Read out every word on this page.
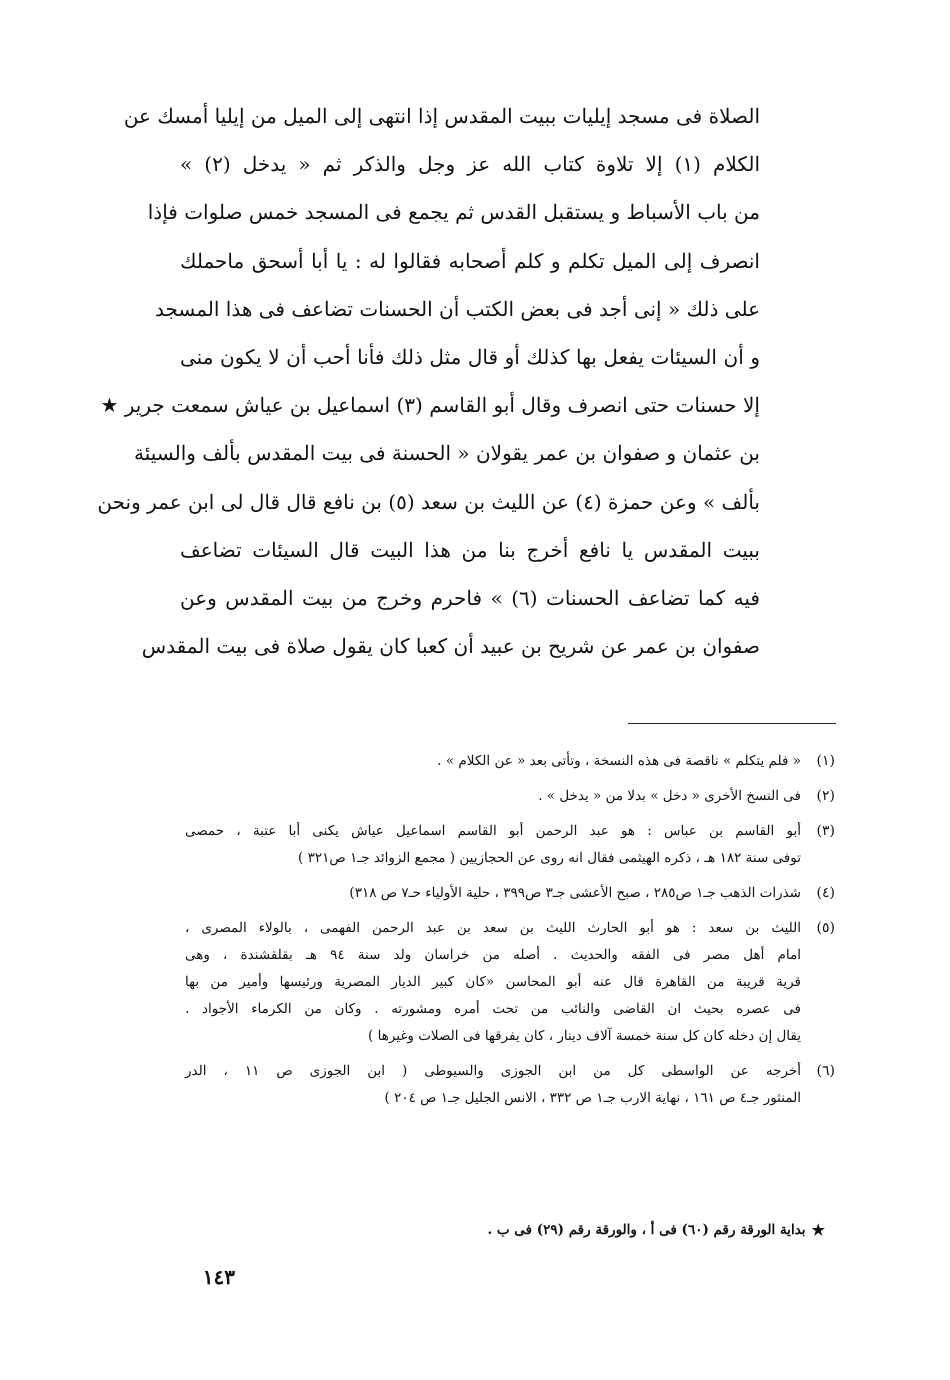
الصلاة فى مسجد إيليات ببيت المقدس إذا انتهى إلى الميل من إيليا أمسك عن
الكلام (١) إلا تلاوة كتاب الله عز وجل والذكر ثم « يدخل (٢) »
من باب الأسباط و يستقبل القدس ثم يجمع فى المسجد خمس صلوات فإذا
انصرف إلى الميل تكلم و كلم أصحابه فقالوا له : يا أبا أسحق ماحملك
على ذلك « إنى أجد فى بعض الكتب أن الحسنات تضاعف فى هذا المسجد
و أن السيئات يفعل بها كذلك أو قال مثل ذلك فأنا أحب أن لا يكون منى
إلا حسنات حتى انصرف وقال أبو القاسم (٣) اسماعيل بن عياش سمعت جرير ★
بن عثمان و صفوان بن عمر يقولان « الحسنة فى بيت المقدس بألف والسيئة
بألف » وعن حمزة (٤) عن الليث بن سعد (٥) بن نافع قال قال لى ابن عمر ونحن
ببيت المقدس يا نافع أخرج بنا من هذا البيت قال السيئات تضاعف
فيه كما تضاعف الحسنات (٦) » فاحرم وخرج من بيت المقدس وعن
صفوان بن عمر عن شريح بن عبيد أن كعبا كان يقول صلاة فى بيت المقدس
(١)
« فلم يتكلم » ناقصة فى هذه النسخة ، وتأتى بعد « عن الكلام » .
(٢)
فى النسخ الأخرى « دخل » بدلا من « يدخل » .
(٣)
أبو القاسم بن عباس : هو عبد الرحمن أبو القاسم اسماعيل عياش يكنى أبا عتبة ، حمصى
توفى سنة ١٨٢ هـ ، ذكره الهيثمى فقال انه روى عن الحجازيين ( مجمع الزوائد جـ١ ص٣٢١ )
(٤)
شذرات الذهب جـ١ ص٢٨٥ ، صبح الأعشى جـ٣ ص٣٩٩ ، حلية الأولياء حـ٧ ص ٣١٨)
(٥)
الليث بن سعد : هو أبو الحارث الليث بن سعد بن عبد الرحمن الفهمى ، بالولاء المصرى ،
امام أهل مصر فى الفقه والحديث . أصله من خراسان ولد سنة ٩٤ هـ بقلقشندة ، وهى
قرية قريبة من القاهرة قال عنه أبو المحاسن «كان كبير الديار المصرية ورئيسها وأمير من بها
فى عصره بحيث ان القاضى والنائب من تحت أمره ومشورته . وكان من الكرماء الأجواد .
يقال إن دخله كان كل سنة خمسة آلاف دينار ، كان يفرقها فى الصلات وغيرها )
(٦)
أخرجه عن الواسطى كل من ابن الجوزى والسيوطى ( ابن الجوزى ص ١١ ، الدر
المنثور جـ٤ ص ١٦١ ، نهاية الارب جـ١ ص ٣٣٢ ، الانس الجليل جـ١ ص ٢٠٤ )
★
بداية الورقة رقم (٦٠) فى أ ، والورقة رقم (٢٩) فى ب .
١٤٣
